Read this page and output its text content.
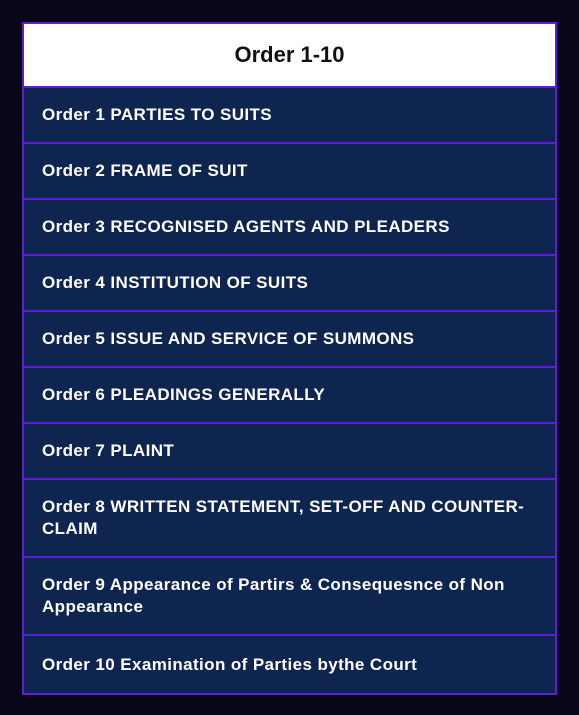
Order 1-10
Order 1 PARTIES TO SUITS
Order 2 FRAME OF SUIT
Order 3 RECOGNISED AGENTS AND PLEADERS
Order 4 INSTITUTION OF SUITS
Order 5 ISSUE AND SERVICE OF SUMMONS
Order 6 PLEADINGS GENERALLY
Order 7 PLAINT
Order 8 WRITTEN STATEMENT, SET-OFF AND COUNTER-CLAIM
Order 9 Appearance of Partirs & Consequesnce of Non Appearance
Order 10 Examination of Parties bythe Court
